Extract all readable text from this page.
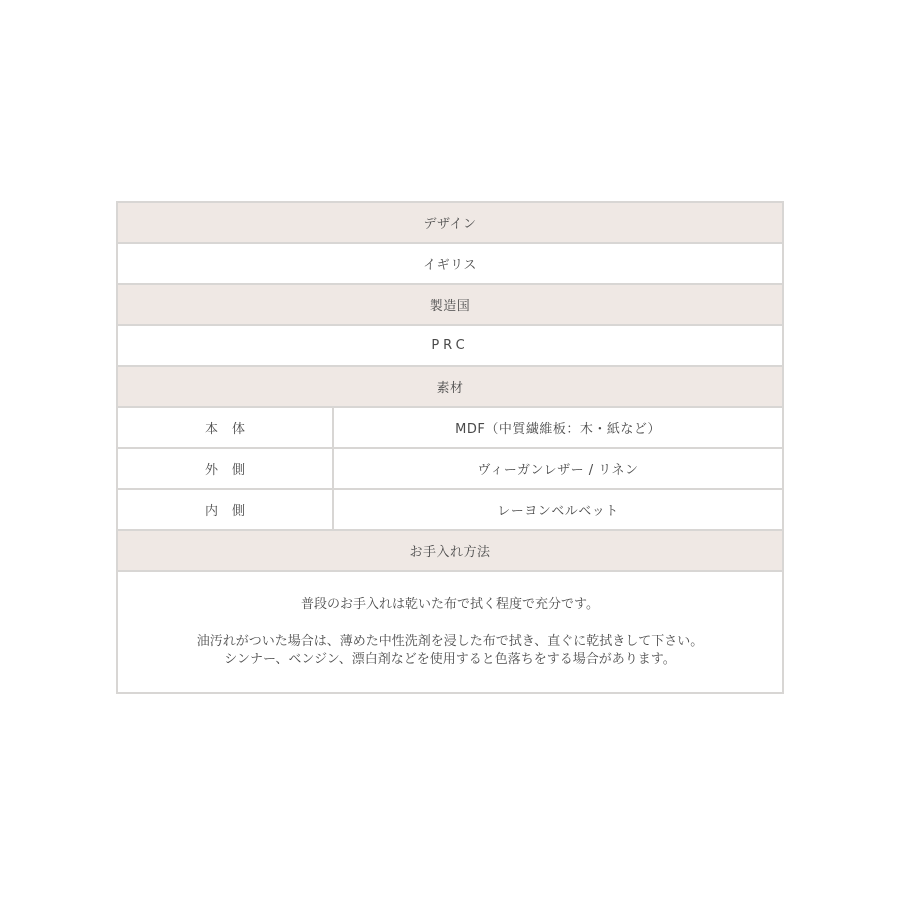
デザイン
イギリス
製造国
PRC
素材
本体	MDF（中質繊維板：木・紙など）
外側	ヴィーガンレザー / リネン
内側	レーヨンベルベット
お手入れ方法
普段のお手入れは乾いた布で拭く程度で充分です。
油汚れがついた場合は、薄めた中性洗剤を浸した布で拭き、直ぐに乾拭きして下さい。
シンナー、ベンジン、漂白剤などを使用すると色落ちをする場合があります。
